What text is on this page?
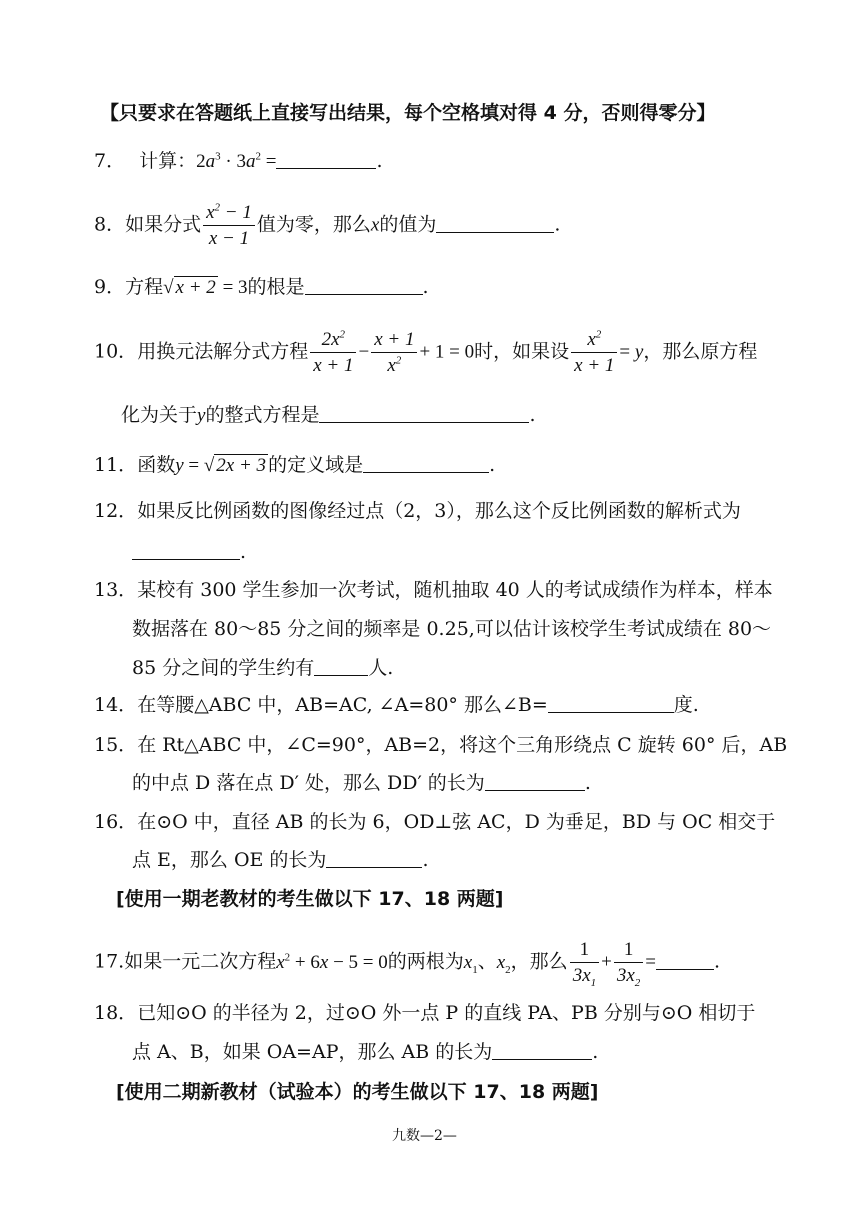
【只要求在答题纸上直接写出结果，每个空格填对得 4 分，否则得零分】
7． 计算：$2a^3 \cdot 3a^2$ =	.
8．如果分式 $\frac{x^2 - 1}{x - 1}$ 值为零，那么x的值为	.
9．方程√ x + 2 = 3的根是	.
10．用换元法解分式方程 $\frac{2x^2}{x + 1} - \frac{x + 1}{x^2} + 1 = 0$时，如果设 $\frac{x^2}{x + 1} = y$，那么原方程
化为关于y的整式方程是	.
11．函数y = √ 2x + 3 的定义域是	.
12．如果反比例函数的图像经过点（2，3），那么这个反比例函数的解析式为
.
13．某校有 300 学生参加一次考试，随机抽取 40 人的考试成绩作为样本，样本
数据落在 80～85 分之间的频率是 0.25,可以估计该校学生考试成绩在 80～
85 分之间的学生约有	人.
14．在等腰△ABC 中，AB=AC, ∠A=80° 那么∠B=	度.
15．在 Rt△ABC 中，∠C=90°，AB=2，将这个三角形绕点 C 旋转 60° 后，AB
的中点 D 落在点 D′ 处，那么 DD′ 的长为	.
16．在⊙O 中，直径 AB 的长为 6，OD⊥弦 AC，D 为垂足，BD 与 OC 相交于
点 E，那么 OE 的长为	.
[使用一期老教材的考生做以下 17、18 两题]
17.如果一元二次方程$x^2 + 6x - 5 = 0$的两根为$x_1$、$x_2$，那么 $\frac{1}{3x_1} + \frac{1}{3x_2}$ =	.
18．已知⊙O 的半径为 2，过⊙O 外一点 P 的直线 PA、PB 分别与⊙O 相切于
点 A、B，如果 OA=AP，那么 AB 的长为	.
[使用二期新教材（试验本）的考生做以下 17、18 两题]
九数—2—
